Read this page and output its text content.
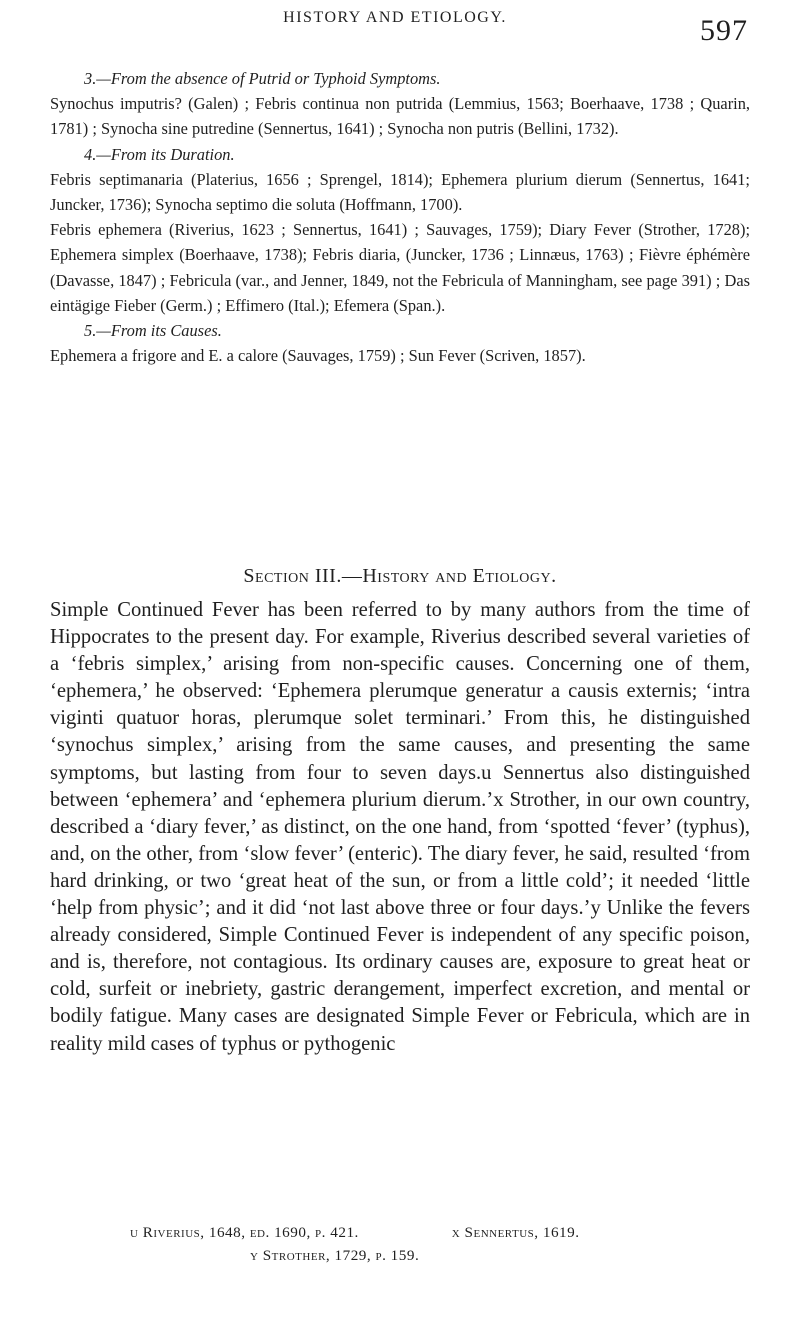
HISTORY AND ETIOLOGY.	597

3.—From the absence of Putrid or Typhoid Symptoms.

Synochus imputris? (Galen) ; Febris continua non putrida (Lemmius, 1563; Boerhaave, 1738 ; Quarin, 1781) ; Synocha sine putredine (Sennertus, 1641) ; Synocha non putris (Bellini, 1732).

4.—From its Duration.

Febris septimanaria (Platerius, 1656 ; Sprengel, 1814); Ephemera plurium dierum (Sennertus, 1641; Juncker, 1736); Synocha septimo die soluta (Hoffmann, 1700).

Febris ephemera (Riverius, 1623 ; Sennertus, 1641) ; Sauvages, 1759); Diary Fever (Strother, 1728); Ephemera simplex (Boerhaave, 1738); Febris diaria, (Juncker, 1736 ; Linnæus, 1763) ; Fièvre éphémère (Davasse, 1847) ; Febricula (var., and Jenner, 1849, not the Febricula of Manningham, see page 391) ; Das eintägige Fieber (Germ.) ; Effimero (Ital.); Efemera (Span.).

5.—From its Causes.

Ephemera a frigore and E. a calore (Sauvages, 1759) ; Sun Fever (Scriven, 1857).

Section III.—History and Etiology.

Simple Continued Fever has been referred to by many authors from the time of Hippocrates to the present day. For example, Riverius described several varieties of a ‘febris simplex,’ arising from non-specific causes. Concerning one of them, ‘ephemera,’ he observed: ‘Ephemera plerumque generatur a causis externis; ‘intra viginti quatuor horas, plerumque solet terminari.’ From this, he distinguished ‘synochus simplex,’ arising from the same causes, and presenting the same symptoms, but lasting from four to seven days.u Sennertus also distinguished between ‘ephemera’ and ‘ephemera plurium dierum.’x Strother, in our own country, described a ‘diary fever,’ as distinct, on the one hand, from ‘spotted ‘fever’ (typhus), and, on the other, from ‘slow fever’ (enteric). The diary fever, he said, resulted ‘from hard drinking, or two ‘great heat of the sun, or from a little cold’; it needed ‘little ‘help from physic’; and it did ‘not last above three or four days.’y Unlike the fevers already considered, Simple Continued Fever is independent of any specific poison, and is, therefore, not contagious. Its ordinary causes are, exposure to great heat or cold, surfeit or inebriety, gastric derangement, imperfect excretion, and mental or bodily fatigue. Many cases are designated Simple Fever or Febricula, which are in reality mild cases of typhus or pythogenic

u Riverius, 1648, ed. 1690, p. 421.	x Sennertus, 1619.
y Strother, 1729, p. 159.
